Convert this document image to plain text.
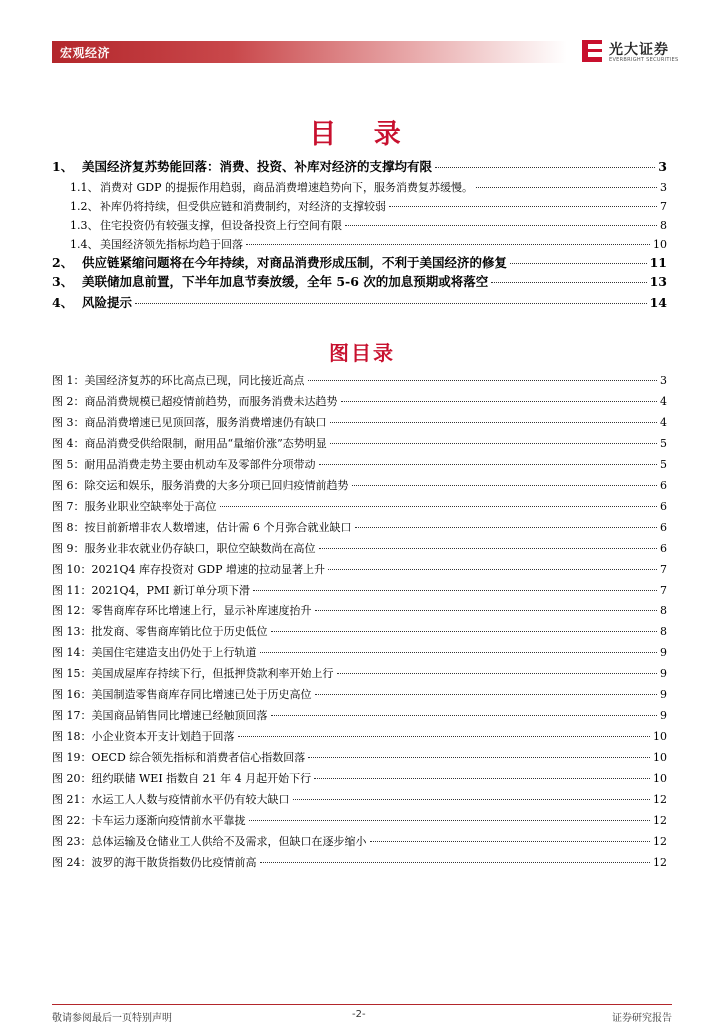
宏观经济	光大证券
EVERBRIGHT SECURITIES
目 录
1、 美国经济复苏势能回落：消费、投资、补库对经济的支撑均有限	3
1.1、 消费对 GDP 的提振作用趋弱，商品消费增速趋势向下，服务消费复苏缓慢。	3
1.2、 补库仍将持续，但受供应链和消费制约，对经济的支撑较弱	7
1.3、 住宅投资仍有较强支撑，但设备投资上行空间有限	8
1.4、 美国经济领先指标均趋于回落	10
2、 供应链紧缩问题将在今年持续，对商品消费形成压制，不利于美国经济的修复	11
3、 美联储加息前置，下半年加息节奏放缓，全年 5-6 次的加息预期或将落空	13
4、 风险提示	14
图目录
图 1：美国经济复苏的环比高点已现，同比接近高点	3
图 2：商品消费规模已超疫情前趋势，而服务消费未达趋势	4
图 3：商品消费增速已见顶回落，服务消费增速仍有缺口	4
图 4：商品消费受供给限制，耐用品“量缩价涨”态势明显	5
图 5：耐用品消费走势主要由机动车及零部件分项带动	5
图 6：除交运和娱乐，服务消费的大多分项已回归疫情前趋势	6
图 7：服务业职业空缺率处于高位	6
图 8：按目前新增非农人数增速，估计需 6 个月弥合就业缺口	6
图 9：服务业非农就业仍存缺口，职位空缺数尚在高位	6
图 10：2021Q4 库存投资对 GDP 增速的拉动显著上升	7
图 11：2021Q4，PMI 新订单分项下滑	7
图 12：零售商库存环比增速上行，显示补库速度抬升	8
图 13：批发商、零售商库销比位于历史低位	8
图 14：美国住宅建造支出仍处于上行轨道	9
图 15：美国成屋库存持续下行，但抵押贷款利率开始上行	9
图 16：美国制造零售商库存同比增速已处于历史高位	9
图 17：美国商品销售同比增速已经触顶回落	9
图 18：小企业资本开支计划趋于回落	10
图 19：OECD 综合领先指标和消费者信心指数回落	10
图 20：纽约联储 WEI 指数自 21 年 4 月起开始下行	10
图 21：水运工人人数与疫情前水平仍有较大缺口	12
图 22：卡车运力逐渐向疫情前水平靠拢	12
图 23：总体运输及仓储业工人供给不及需求，但缺口在逐步缩小	12
图 24：波罗的海干散货指数仍比疫情前高	12
敬请参阅最后一页特别声明	-2-	证券研究报告
